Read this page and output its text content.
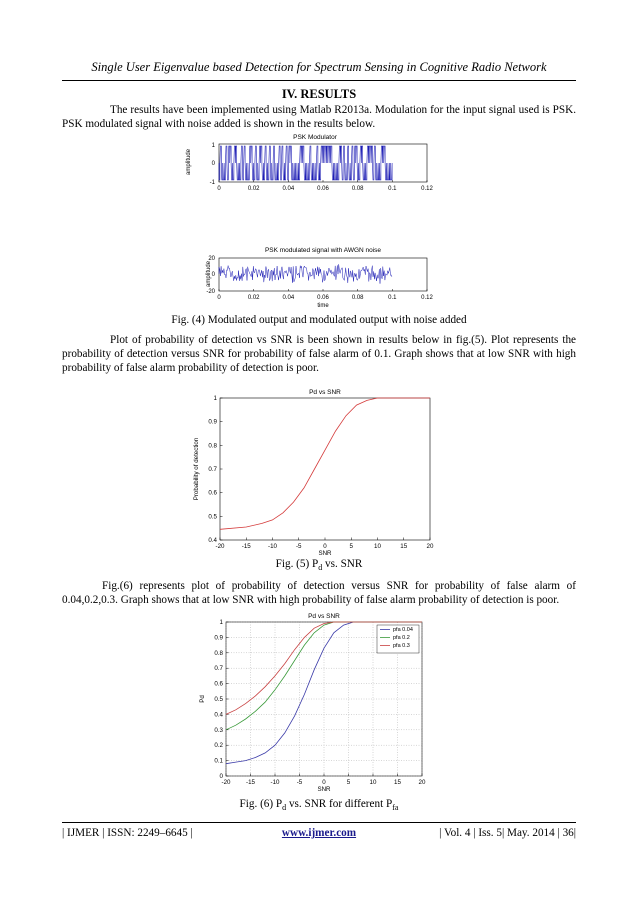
Single User Eigenvalue based Detection for Spectrum Sensing in Cognitive Radio Network
IV. RESULTS
The results have been implemented using Matlab R2013a. Modulation for the input signal used is PSK. PSK modulated signal with noise added is shown in the results below.
PSK Modulator
amplitude
1
0
-1
0	0.02	0.04	0.06	0.08	0.1	0.12
PSK modulated signal with AWGN noise
amplitude
20
0
-20
0	0.02	0.04	0.06	0.08	0.1	0.12
time
Fig. (4) Modulated output and modulated output with noise added
Plot of probability of detection vs SNR is been shown in results below in fig.(5). Plot represents the probability of detection versus SNR for probability of false alarm of 0.1. Graph shows that at low SNR with high probability of false alarm probability of detection is poor.
Pd vs SNR
-20	-15	-10	-5	0	5	10	15	20
0.4
0.5
0.6
0.7
0.8
0.9
1
SNR
Probability of detection
Fig. (5) $P_d$ vs. SNR
Fig.(6) represents plot of probability of detection versus SNR for probability of false alarm of 0.04,0.2,0.3. Graph shows that at low SNR with high probability of false alarm probability of detection is poor.
Pd vs SNR
-20	-15	-10	-5	0	5	10	15	20
0
0.1
0.2
0.3
0.4
0.5
0.6
0.7
0.8
0.9
1
SNR
Pd
pfa 0.04
pfa 0.2
pfa 0.3
Fig. (6) $P_d$ vs. SNR for different $P_{fa}$
| IJMER | ISSN: 2249–6645 |	www.ijmer.com	| Vol. 4 | Iss. 5| May. 2014 | 36|
